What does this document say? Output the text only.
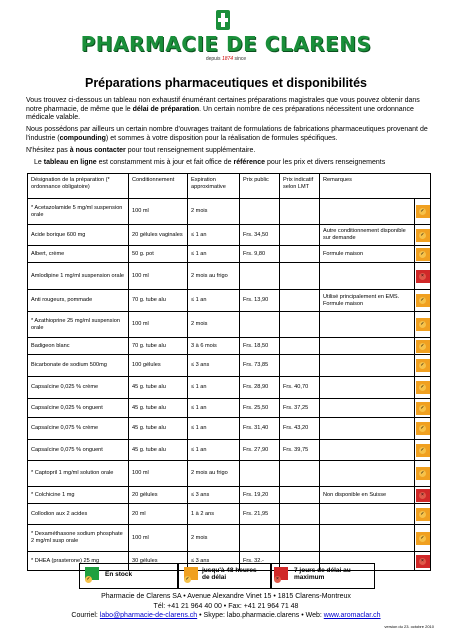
PHARMACIE DE CLARENS
depuis 1874 since
Préparations pharmaceutiques et disponibilités

Vous trouvez ci-dessous un tableau non exhaustif énumérant certaines préparations magistrales que vous pouvez obtenir dans notre pharmacie, de même que le délai de préparation. Un certain nombre de ces préparations nécessitent une ordonnance médicale valable.

Nous possédons par ailleurs un certain nombre d'ouvrages traitant de formulations de fabrications pharmaceutiques provenant de l'industrie (compounding) et sommes à votre disposition pour la réalisation de formules spécifiques.

N'hésitez pas à nous contacter pour tout renseignement supplémentaire.

Le tableau en ligne est constamment mis à jour et fait office de référence pour les prix et divers renseignements

Désignation de la préparation (* ordonnance obligatoire)	Conditionnement	Expiration approximative	Prix public	Prix indicatif selon LMT	Remarques	
* Acetazolamide 5 mg/ml suspension orale	100 ml	2 mois				✓
Acide borique 600 mg	20 gélules vaginales	≤ 1 an	Frs. 34,50		Autre conditionnement disponible sur demande	✓
Albert, crème	50 g. pot	≤ 1 an	Frs. 9,80		Formule maison	✓
Amlodipine 1 mg/ml suspension orale	100 ml	2 mois au frigo				×
Anti rougeurs, pommade	70 g. tube alu	≤ 1 an	Frs. 13,90		Utilisé principalement en EMS. Formule maison	✓
* Azathioprine 25 mg/ml suspension orale	100 ml	2 mois				✓
Badigeon blanc	70 g. tube alu	3 à 6 mois	Frs. 18,50			✓
Bicarbonate de sodium 500mg	100 gélules	≤ 3 ans	Frs. 73,85			✓
Capsaïcine 0,025 % crème	45 g. tube alu	≤ 1 an	Frs. 28,90	Frs. 40,70		✓
Capsaïcine 0,025 % onguent	45 g. tube alu	≤ 1 an	Frs. 25,50	Frs. 37,25		✓
Capsaïcine 0,075 % crème	45 g. tube alu	≤ 1 an	Frs. 31,40	Frs. 43,20		✓
Capsaïcine 0,075 % onguent	45 g. tube alu	≤ 1 an	Frs. 27,90	Frs. 39,75		✓
* Captopril 1 mg/ml solution orale	100 ml	2 mois au frigo				✓
* Colchicine 1 mg	20 gélules	≤ 3 ans	Frs. 19,20		Non disponible en Suisse	×
Collodion aux 2 acides	20 ml	1 à 2 ans	Frs. 21,95			✓
* Dexaméthasone sodium phosphate 2 mg/ml susp orale	100 ml	2 mois				✓
* DHEA (prasterone) 25 mg	30 gélules	≤ 3 ans	Frs. 32.-			×
✓
En stock
✓
jusqu'à 48 heures de délai	×
7 jours de délai au maximum
Pharmacie de Clarens SA • Avenue Alexandre Vinet 15 • 1815 Clarens-Montreux
Tél: +41 21 964 40 00 • Fax: +41 21 964 71 48
Courriel: labo@pharmacie-de-clarens.ch • Skype: labo.pharmacie.clarens • Web: www.aromaclar.ch
version du 23. octobre 2010
